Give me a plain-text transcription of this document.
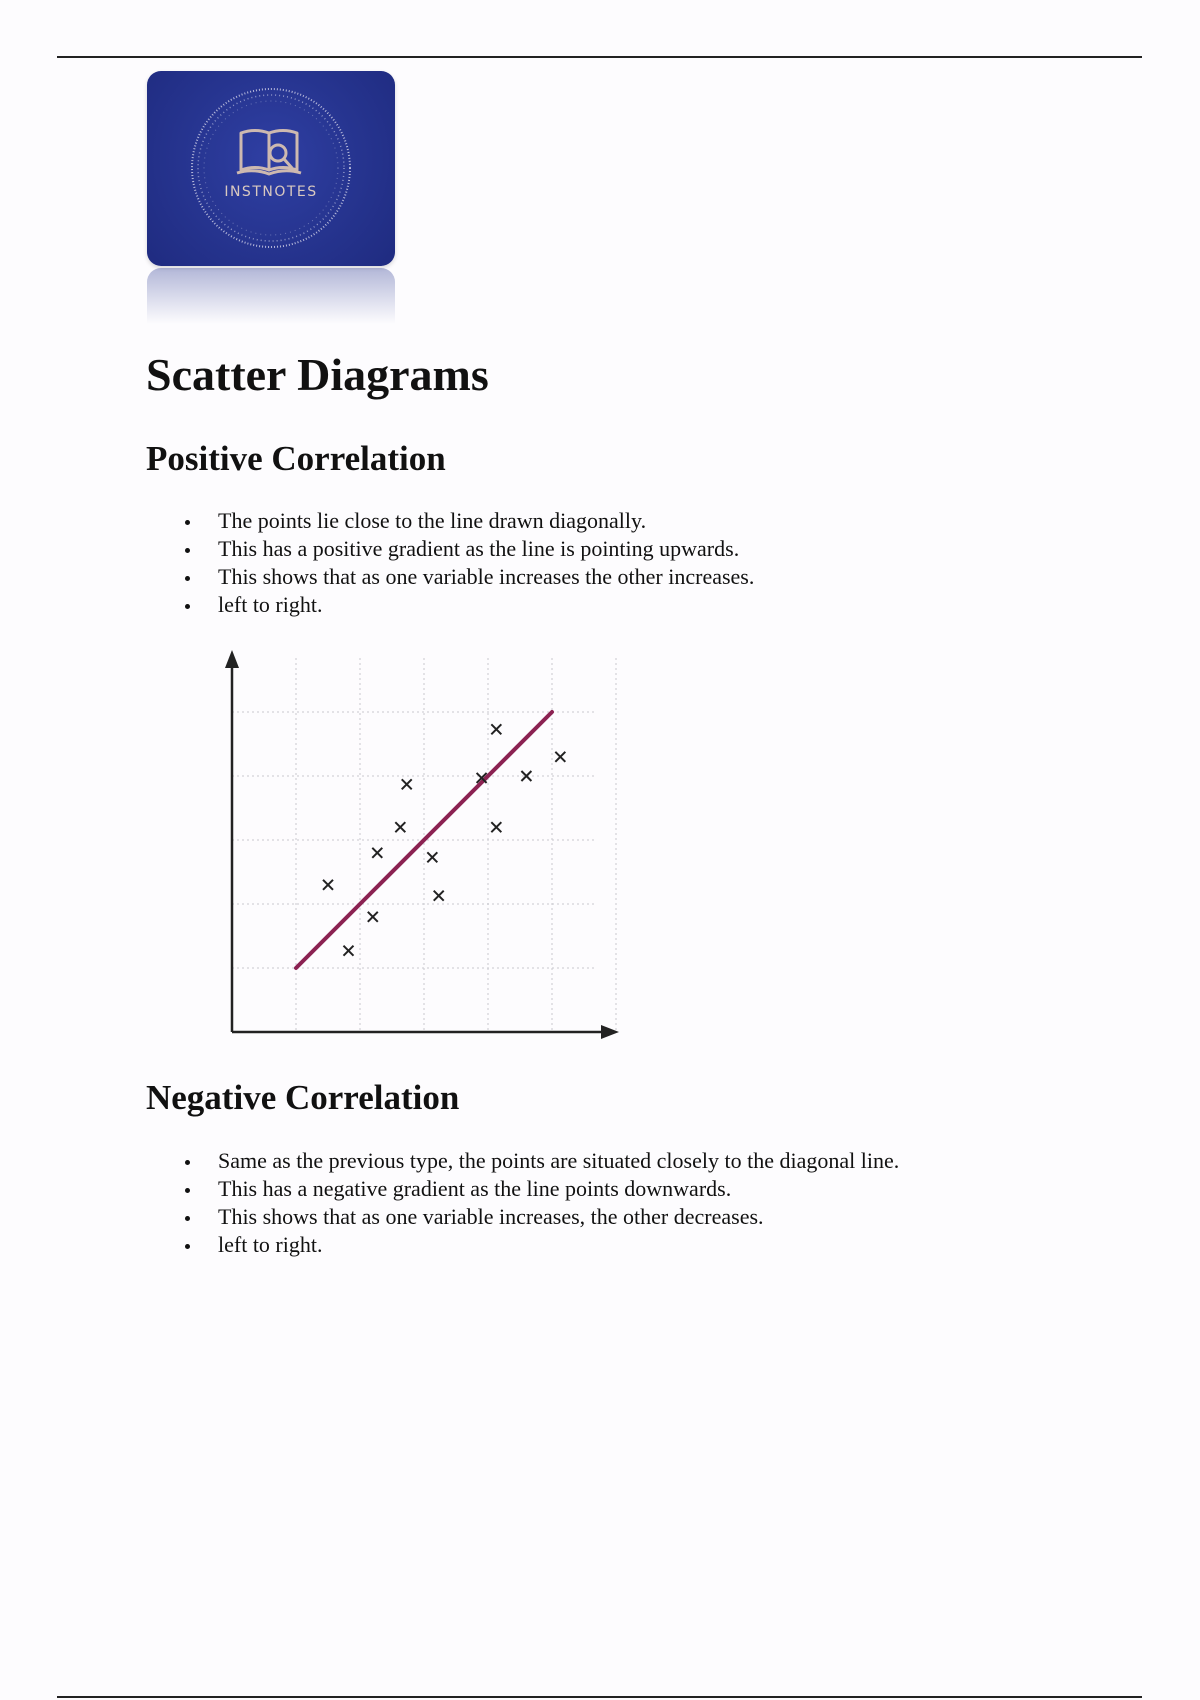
INSTNOTES
Scatter Diagrams
Positive Correlation
The points lie close to the line drawn diagonally.
This has a positive gradient as the line is pointing upwards.
This shows that as one variable increases the other increases.
left to right.
Negative Correlation
Same as the previous type, the points are situated closely to the diagonal line.
This has a negative gradient as the line points downwards.
This shows that as one variable increases, the other decreases.
left to right.
